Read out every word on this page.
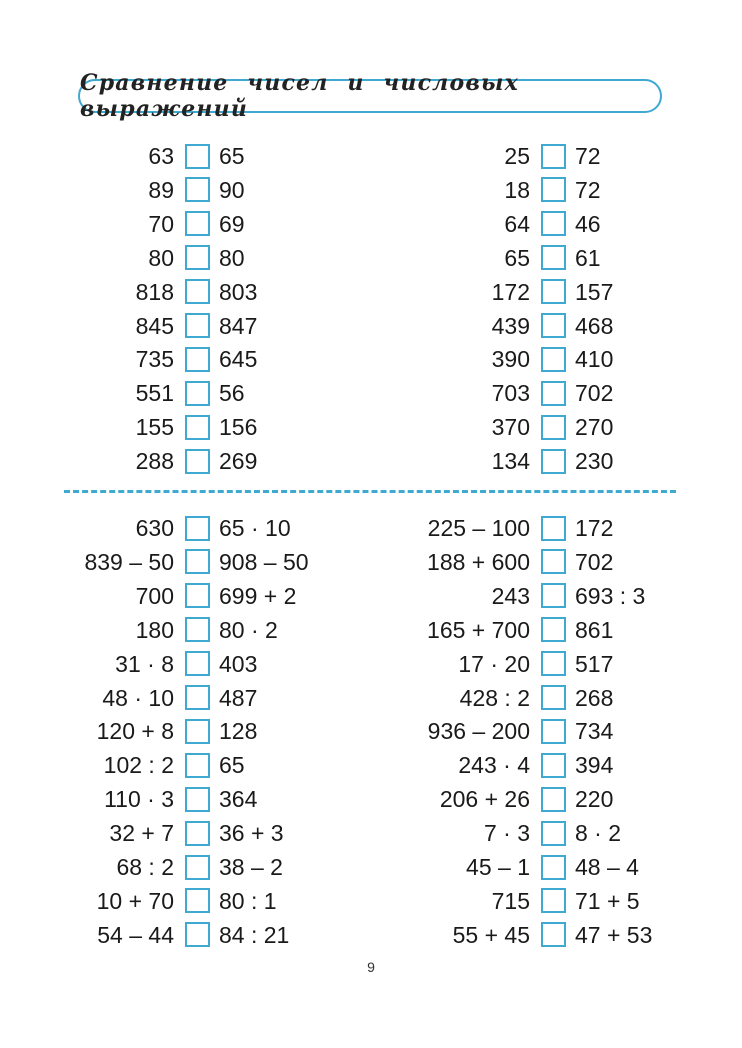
Сравнение чисел и числовых выражений
63 65
89 90
70 69
80 80
818 803
845 847
735 645
551 56
155 156
288 269
25 72
18 72
64 46
65 61
172 157
439 468
390 410
703 702
370 270
134 230
630 65 · 10
839 – 50 908 – 50
700 699 + 2
180 80 · 2
31 · 8 403
48 · 10 487
120 + 8 128
102 : 2 65
110 · 3 364
32 + 7 36 + 3
68 : 2 38 – 2
10 + 70 80 : 1
54 – 44 84 : 21
225 – 100 172
188 + 600 702
243 693 : 3
165 + 700 861
17 · 20 517
428 : 2 268
936 – 200 734
243 · 4 394
206 + 26 220
7 · 3 8 · 2
45 – 1 48 – 4
715 71 + 5
55 + 45 47 + 53
9
